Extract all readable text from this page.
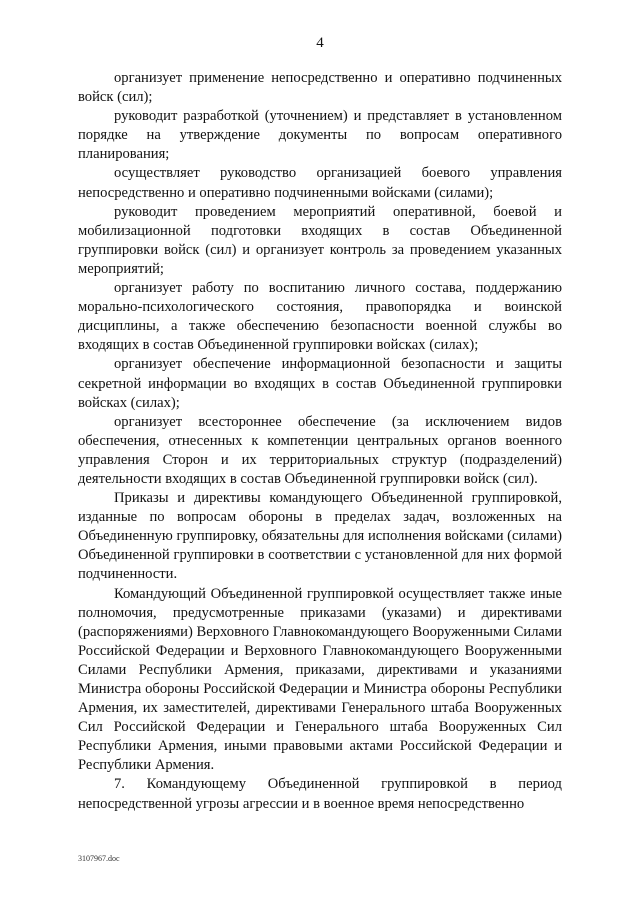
4

организует применение непосредственно и оперативно подчиненных войск (сил);

руководит разработкой (уточнением) и представляет в установленном порядке на утверждение документы по вопросам оперативного планирования;

осуществляет руководство организацией боевого управления непосредственно и оперативно подчиненными войсками (силами);

руководит проведением мероприятий оперативной, боевой и мобилизационной подготовки входящих в состав Объединенной группировки войск (сил) и организует контроль за проведением указанных мероприятий;

организует работу по воспитанию личного состава, поддержанию морально-психологического состояния, правопорядка и воинской дисциплины, а также обеспечению безопасности военной службы во входящих в состав Объединенной группировки войсках (силах);

организует обеспечение информационной безопасности и защиты секретной информации во входящих в состав Объединенной группировки войсках (силах);

организует всестороннее обеспечение (за исключением видов обеспечения, отнесенных к компетенции центральных органов военного управления Сторон и их территориальных структур (подразделений) деятельности входящих в состав Объединенной группировки войск (сил).

Приказы и директивы командующего Объединенной группировкой, изданные по вопросам обороны в пределах задач, возложенных на Объединенную группировку, обязательны для исполнения войсками (силами) Объединенной группировки в соответствии с установленной для них формой подчиненности.

Командующий Объединенной группировкой осуществляет также иные полномочия, предусмотренные приказами (указами) и директивами (распоряжениями) Верховного Главнокомандующего Вооруженными Силами Российской Федерации и Верховного Главнокомандующего Вооруженными Силами Республики Армения, приказами, директивами и указаниями Министра обороны Российской Федерации и Министра обороны Республики Армения, их заместителей, директивами Генерального штаба Вооруженных Сил Российской Федерации и Генерального штаба Вооруженных Сил Республики Армения, иными правовыми актами Российской Федерации и Республики Армения.

7. Командующему Объединенной группировкой в период непосредственной угрозы агрессии и в военное время непосредственно

3107967.doc
